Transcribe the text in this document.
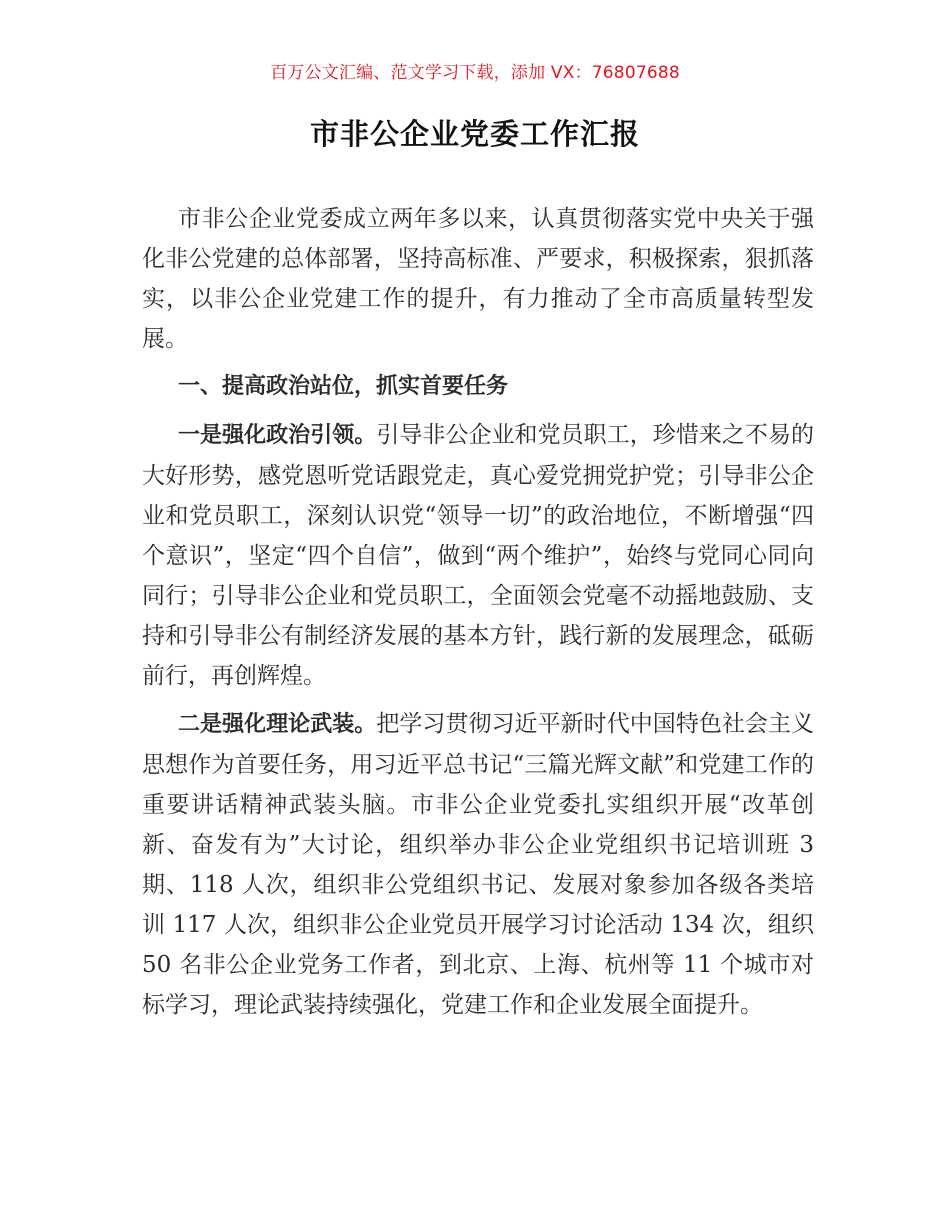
百万公文汇编、范文学习下载，添加 VX：76807688
市非公企业党委工作汇报

市非公企业党委成立两年多以来，认真贯彻落实党中央关于强化非公党建的总体部署，坚持高标准、严要求，积极探索，狠抓落实，以非公企业党建工作的提升，有力推动了全市高质量转型发展。

一、提高政治站位，抓实首要任务

一是强化政治引领。引导非公企业和党员职工，珍惜来之不易的大好形势，感党恩听党话跟党走，真心爱党拥党护党；引导非公企业和党员职工，深刻认识党“领导一切”的政治地位，不断增强“四个意识”，坚定“四个自信”，做到“两个维护”，始终与党同心同向同行；引导非公企业和党员职工，全面领会党毫不动摇地鼓励、支持和引导非公有制经济发展的基本方针，践行新的发展理念，砥砺前行，再创辉煌。

二是强化理论武装。把学习贯彻习近平新时代中国特色社会主义思想作为首要任务，用习近平总书记“三篇光辉文献”和党建工作的重要讲话精神武装头脑。市非公企业党委扎实组织开展“改革创新、奋发有为”大讨论，组织举办非公企业党组织书记培训班 3 期、118 人次，组织非公党组织书记、发展对象参加各级各类培训 117 人次，组织非公企业党员开展学习讨论活动 134 次，组织 50 名非公企业党务工作者，到北京、上海、杭州等 11 个城市对标学习，理论武装持续强化，党建工作和企业发展全面提升。
